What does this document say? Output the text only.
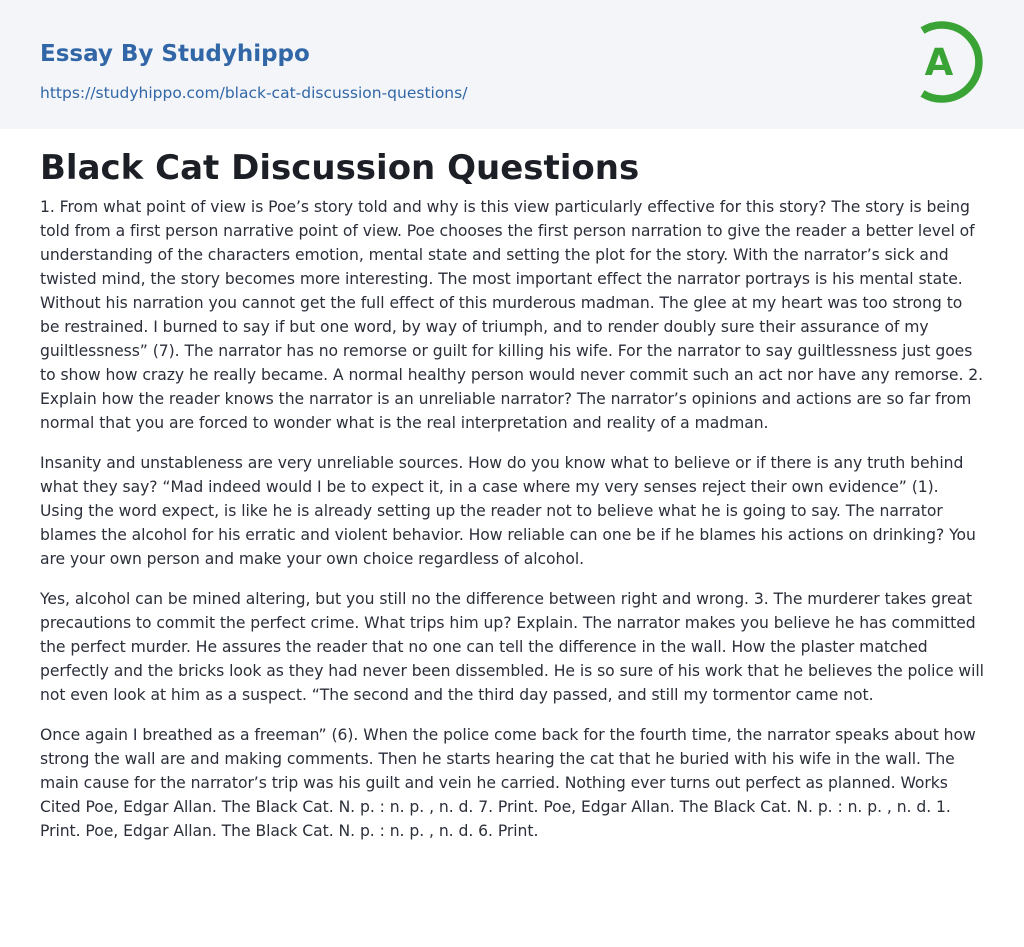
Essay By Studyhippo
https://studyhippo.com/black-cat-discussion-questions/
A
Black Cat Discussion Questions

1. From what point of view is Poe’s story told and why is this view particularly effective for this story? The story is being told from a first person narrative point of view. Poe chooses the first person narration to give the reader a better level of understanding of the characters emotion, mental state and setting the plot for the story. With the narrator’s sick and twisted mind, the story becomes more interesting. The most important effect the narrator portrays is his mental state. Without his narration you cannot get the full effect of this murderous madman. The glee at my heart was too strong to be restrained. I burned to say if but one word, by way of triumph, and to render doubly sure their assurance of my guiltlessness” (7). The narrator has no remorse or guilt for killing his wife. For the narrator to say guiltlessness just goes to show how crazy he really became. A normal healthy person would never commit such an act nor have any remorse. 2. Explain how the reader knows the narrator is an unreliable narrator? The narrator’s opinions and actions are so far from normal that you are forced to wonder what is the real interpretation and reality of a madman.

Insanity and unstableness are very unreliable sources. How do you know what to believe or if there is any truth behind what they say? “Mad indeed would I be to expect it, in a case where my very senses reject their own evidence” (1). Using the word expect, is like he is already setting up the reader not to believe what he is going to say. The narrator blames the alcohol for his erratic and violent behavior. How reliable can one be if he blames his actions on drinking? You are your own person and make your own choice regardless of alcohol.

Yes, alcohol can be mined altering, but you still no the difference between right and wrong. 3. The murderer takes great precautions to commit the perfect crime. What trips him up? Explain. The narrator makes you believe he has committed the perfect murder. He assures the reader that no one can tell the difference in the wall. How the plaster matched perfectly and the bricks look as they had never been dissembled. He is so sure of his work that he believes the police will not even look at him as a suspect. “The second and the third day passed, and still my tormentor came not.

Once again I breathed as a freeman” (6). When the police come back for the fourth time, the narrator speaks about how strong the wall are and making comments. Then he starts hearing the cat that he buried with his wife in the wall. The main cause for the narrator’s trip was his guilt and vein he carried. Nothing ever turns out perfect as planned. Works Cited Poe, Edgar Allan. The Black Cat. N. p. : n. p. , n. d. 7. Print. Poe, Edgar Allan. The Black Cat. N. p. : n. p. , n. d. 1. Print. Poe, Edgar Allan. The Black Cat. N. p. : n. p. , n. d. 6. Print.
